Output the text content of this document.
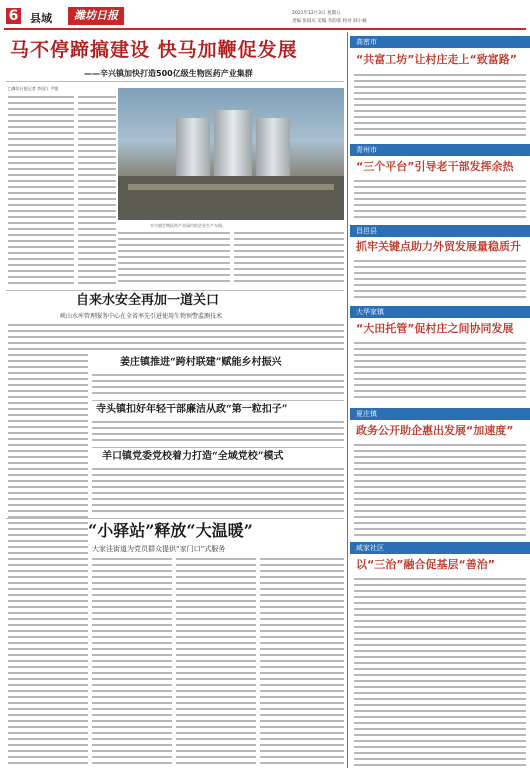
6 县域	潍坊日报	2021年12月3日 星期五
责编 张绍庆 美编 李韵霏 校对 韩小楠
马不停蹄搞建设 快马加鞭促发展
——辛兴镇加快打造500亿级生物医药产业集群
□潍坊日报记者 李国江 尹俊
辛兴镇生物医药产业园内的企业生产车间。
自来水安全再加一道关口
峡山水库管理服务中心在全省率先引进使用生物预警监测技术
姜庄镇推进“跨村联建”赋能乡村振兴
寺头镇扣好年轻干部廉洁从政“第一粒扣子”
羊口镇党委党校着力打造“全域党校”模式
“小驿站”释放“大温暖”
大家洼街道为党员群众提供“家门口”式服务
高密市
“共富工坊”让村庄走上“致富路”
青州市
“三个平台”引导老干部发挥余热
昌邑县
抓牢关键点助力外贸发展量稳质升
大华家镇
“大田托管”促村庄之间协同发展
夏庄镇
政务公开助企惠出发展“加速度”
咸家社区
以“三治”融合促基层“善治”
